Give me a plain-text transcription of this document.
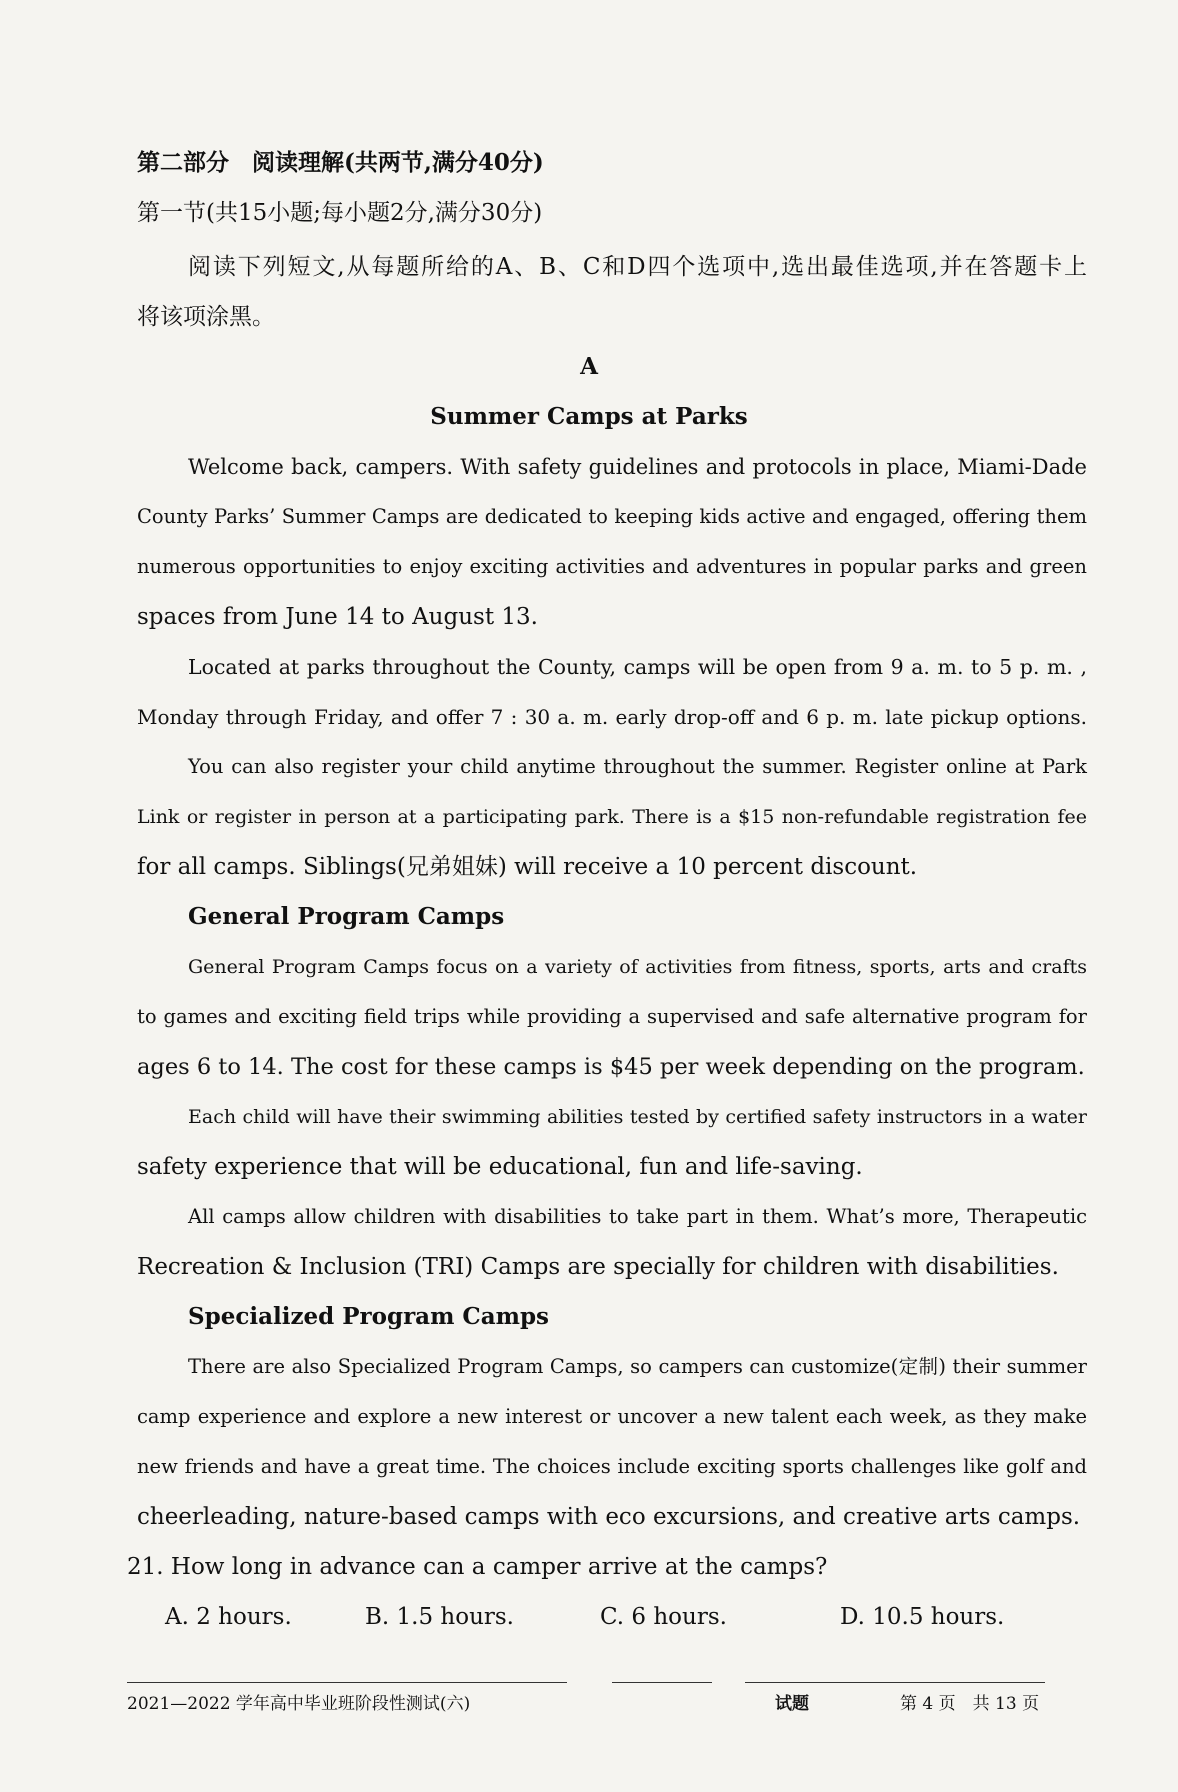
第二部分　阅读理解(共两节,满分40分)
第一节(共15小题;每小题2分,满分30分)
阅读下列短文,从每题所给的A、B、C和D四个选项中,选出最佳选项,并在答题卡上
将该项涂黑。
A
Summer Camps at Parks
Welcome back, campers. With safety guidelines and protocols in place, Miami-Dade
County Parks’ Summer Camps are dedicated to keeping kids active and engaged, offering them
numerous opportunities to enjoy exciting activities and adventures in popular parks and green
spaces from June 14 to August 13.
Located at parks throughout the County, camps will be open from 9 a. m. to 5 p. m. ,
Monday through Friday, and offer 7 : 30 a. m. early drop-off and 6 p. m. late pickup options.
You can also register your child anytime throughout the summer. Register online at Park
Link or register in person at a participating park. There is a $15 non-refundable registration fee
for all camps. Siblings(兄弟姐妹) will receive a 10 percent discount.
General Program Camps
General Program Camps focus on a variety of activities from fitness, sports, arts and crafts
to games and exciting field trips while providing a supervised and safe alternative program for
ages 6 to 14. The cost for these camps is $45 per week depending on the program.
Each child will have their swimming abilities tested by certified safety instructors in a water
safety experience that will be educational, fun and life-saving.
All camps allow children with disabilities to take part in them. What’s more, Therapeutic
Recreation & Inclusion (TRI) Camps are specially for children with disabilities.
Specialized Program Camps
There are also Specialized Program Camps, so campers can customize(定制) their summer
camp experience and explore a new interest or uncover a new talent each week, as they make
new friends and have a great time. The choices include exciting sports challenges like golf and
cheerleading, nature-based camps with eco excursions, and creative arts camps.
21. How long in advance can a camper arrive at the camps?
A. 2 hours.	B. 1.5 hours.	C. 6 hours.	D. 10.5 hours.
2021—2022 学年高中毕业班阶段性测试(六)	试题	第 4 页　共 13 页
